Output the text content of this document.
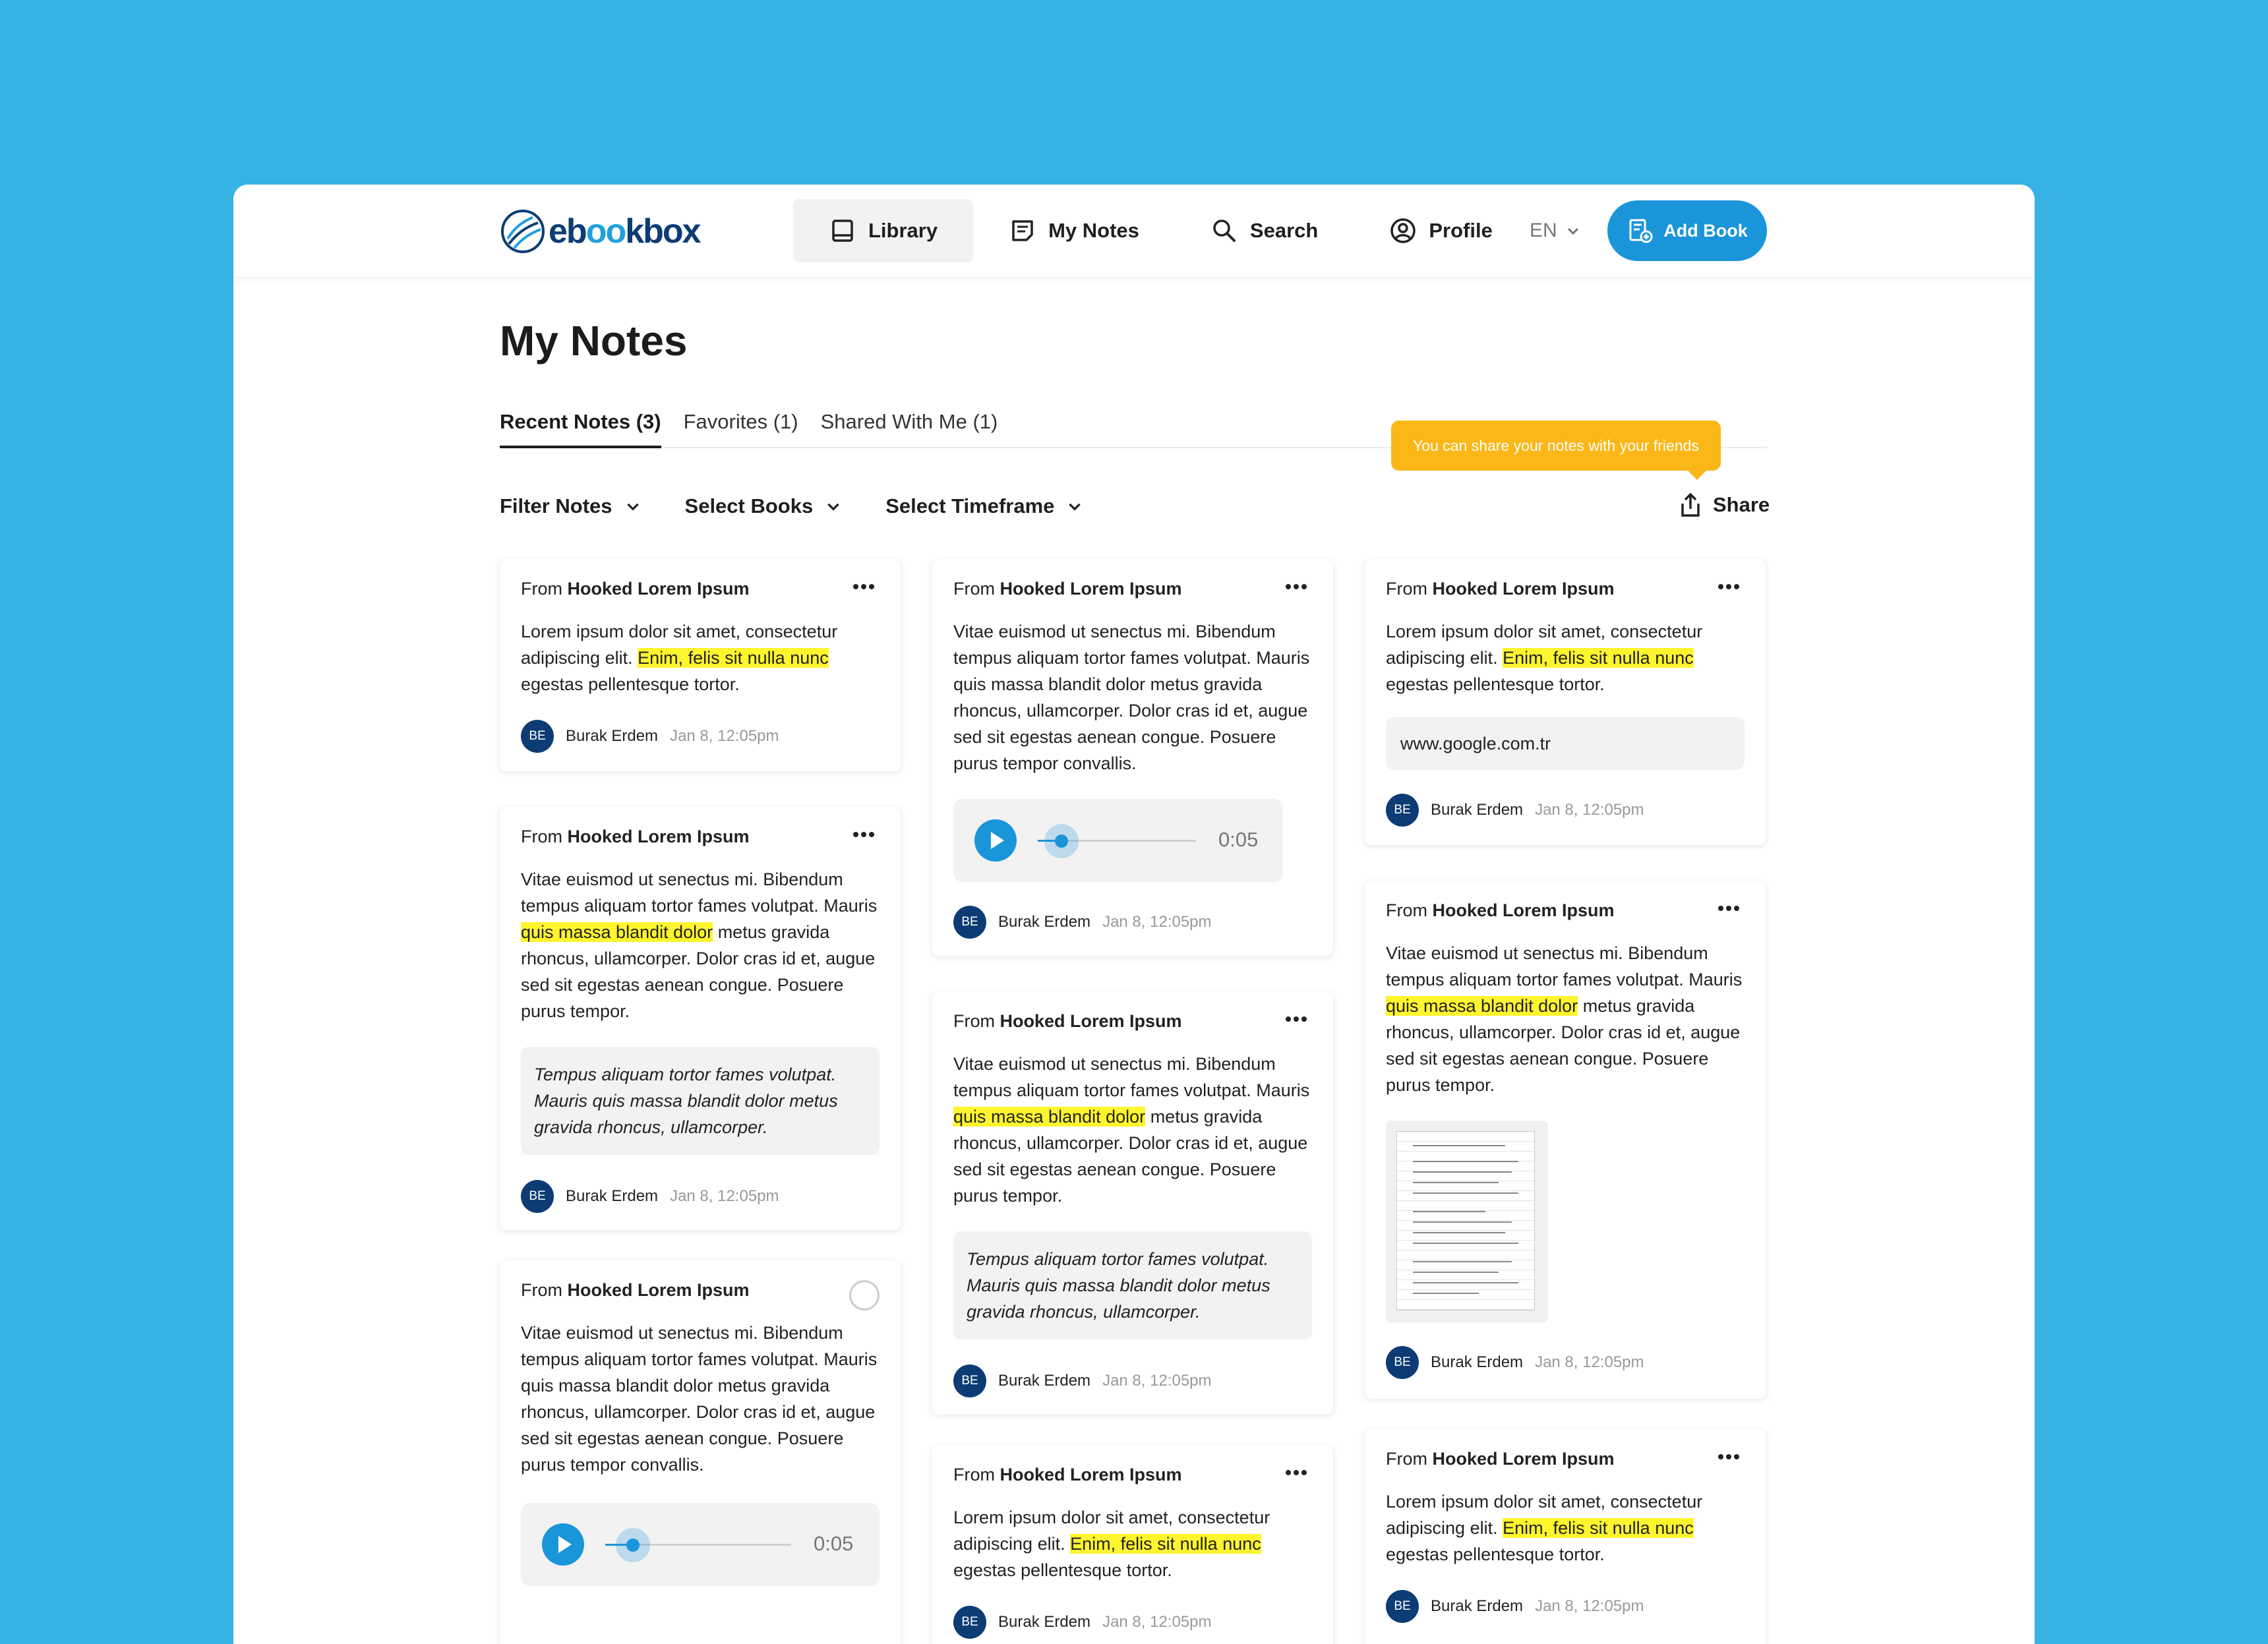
ebookbox	Library	My Notes	Search	Profile EN	Add Book
My Notes
Recent Notes (3) Favorites (1) Shared With Me (1)
Filter Notes	Select Books	Select Timeframe
You can share your notes with your friends
Share
From Hooked Lorem Ipsum
Lorem ipsum dolor sit amet, consectetur adipiscing elit. Enim, felis sit nulla nunc egestas pellentesque tortor.
BE	Burak Erdem Jan 8, 12:05pm
From Hooked Lorem Ipsum
Vitae euismod ut senectus mi. Bibendum tempus aliquam tortor fames volutpat. Mauris quis massa blandit dolor metus gravida rhoncus, ullamcorper. Dolor cras id et, augue sed sit egestas aenean congue. Posuere purus tempor.
Tempus aliquam tortor fames volutpat. Mauris quis massa blandit dolor metus gravida rhoncus, ullamcorper.
BE	Burak Erdem Jan 8, 12:05pm
From Hooked Lorem Ipsum
Vitae euismod ut senectus mi. Bibendum tempus aliquam tortor fames volutpat. Mauris quis massa blandit dolor metus gravida rhoncus, ullamcorper. Dolor cras id et, augue sed sit egestas aenean congue. Posuere purus tempor convallis.
0:05
From Hooked Lorem Ipsum
Vitae euismod ut senectus mi. Bibendum tempus aliquam tortor fames volutpat. Mauris quis massa blandit dolor metus gravida rhoncus, ullamcorper. Dolor cras id et, augue sed sit egestas aenean congue. Posuere purus tempor convallis.
0:05
BE	Burak Erdem Jan 8, 12:05pm
From Hooked Lorem Ipsum
Vitae euismod ut senectus mi. Bibendum tempus aliquam tortor fames volutpat. Mauris quis massa blandit dolor metus gravida rhoncus, ullamcorper. Dolor cras id et, augue sed sit egestas aenean congue. Posuere purus tempor.
Tempus aliquam tortor fames volutpat. Mauris quis massa blandit dolor metus gravida rhoncus, ullamcorper.
BE	Burak Erdem Jan 8, 12:05pm
From Hooked Lorem Ipsum
Lorem ipsum dolor sit amet, consectetur adipiscing elit. Enim, felis sit nulla nunc egestas pellentesque tortor.
BE	Burak Erdem Jan 8, 12:05pm
From Hooked Lorem Ipsum
Lorem ipsum dolor sit amet, consectetur adipiscing elit. Enim, felis sit nulla nunc egestas pellentesque tortor.
www.google.com.tr
BE	Burak Erdem Jan 8, 12:05pm
From Hooked Lorem Ipsum
Vitae euismod ut senectus mi. Bibendum tempus aliquam tortor fames volutpat. Mauris quis massa blandit dolor metus gravida rhoncus, ullamcorper. Dolor cras id et, augue sed sit egestas aenean congue. Posuere purus tempor.
BE	Burak Erdem Jan 8, 12:05pm
From Hooked Lorem Ipsum
Lorem ipsum dolor sit amet, consectetur adipiscing elit. Enim, felis sit nulla nunc egestas pellentesque tortor.
BE	Burak Erdem Jan 8, 12:05pm
